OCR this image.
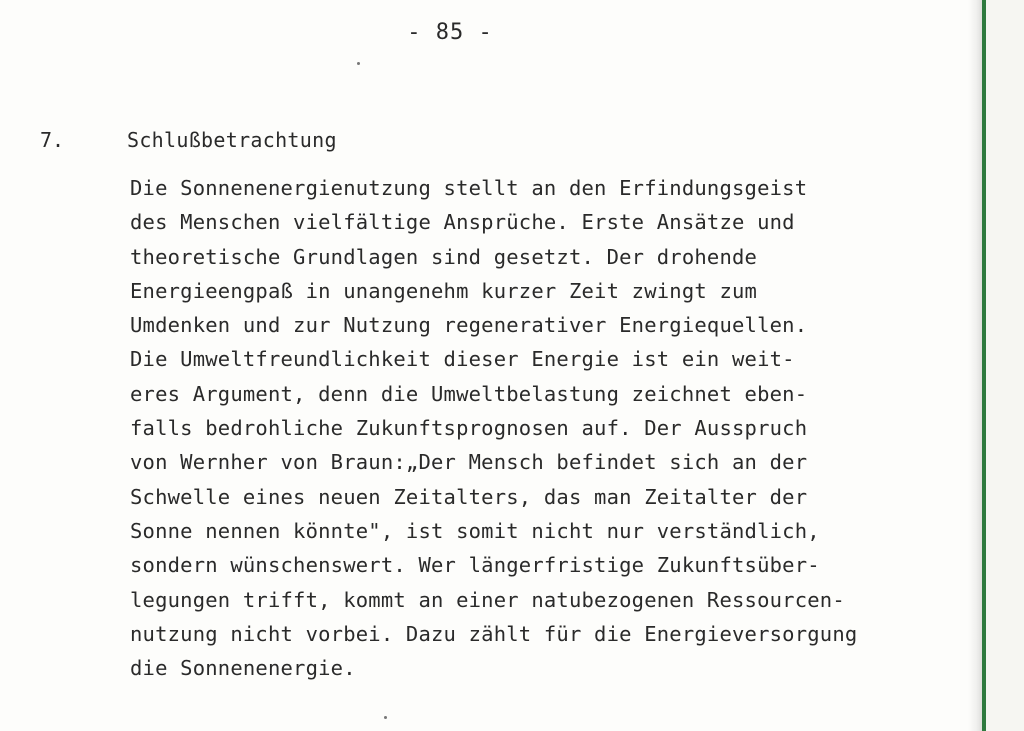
- 85 -
7.	Schlußbetrachtung
Die Sonnenenergienutzung stellt an den Erfindungsgeist
des Menschen vielfältige Ansprüche. Erste Ansätze und
theoretische Grundlagen sind gesetzt. Der drohende
Energieengpaß in unangenehm kurzer Zeit zwingt zum
Umdenken und zur Nutzung regenerativer Energiequellen.
Die Umweltfreundlichkeit dieser Energie ist ein weit-
eres Argument, denn die Umweltbelastung zeichnet eben-
falls bedrohliche Zukunftsprognosen auf. Der Ausspruch
von Wernher von Braun:„Der Mensch befindet sich an der
Schwelle eines neuen Zeitalters, das man Zeitalter der
Sonne nennen könnte", ist somit nicht nur verständlich,
sondern wünschenswert. Wer längerfristige Zukunftsüber-
legungen trifft, kommt an einer natubezogenen Ressourcen-
nutzung nicht vorbei. Dazu zählt für die Energieversorgung
die Sonnenenergie.
